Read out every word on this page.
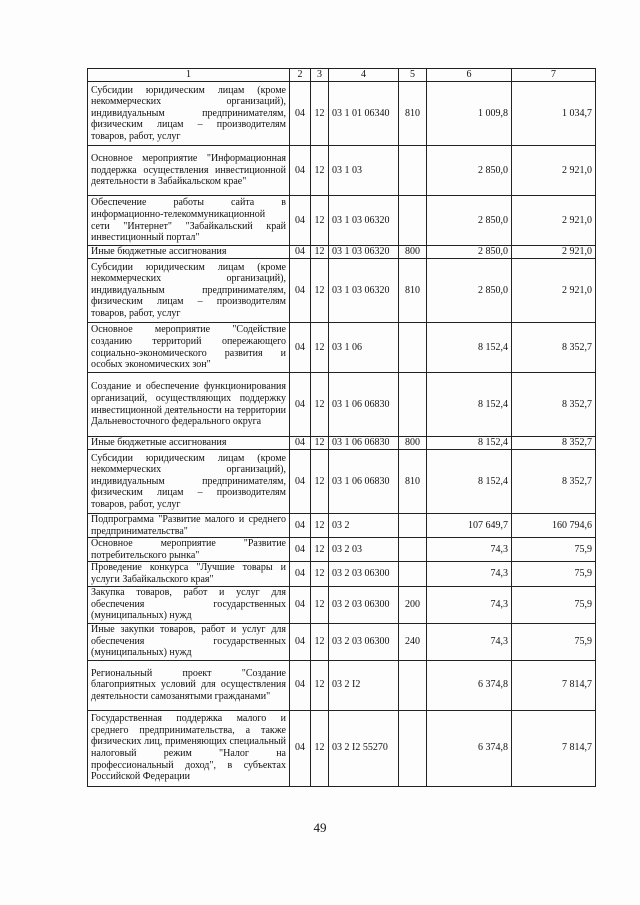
1	2	3	4	5	6	7
Субсидии юридическим лицам (кроме некоммерческих организаций), индивидуальным предпринимателям, физическим лицам – производителям товаров, работ, услуг	04	12	03 1 01 06340	810	1 009,8	1 034,7
Основное мероприятие "Информационная поддержка осуществления инвестиционной деятельности в Забайкальском крае"	04	12	03 1 03		2 850,0	2 921,0
Обеспечение работы сайта в информационно-телекоммуникационной сети "Интернет" "Забайкальский край инвестиционный портал"	04	12	03 1 03 06320		2 850,0	2 921,0
Иные бюджетные ассигнования	04	12	03 1 03 06320	800	2 850,0	2 921,0
Субсидии юридическим лицам (кроме некоммерческих организаций), индивидуальным предпринимателям, физическим лицам – производителям товаров, работ, услуг	04	12	03 1 03 06320	810	2 850,0	2 921,0
Основное мероприятие "Содействие созданию территорий опережающего социально-экономического развития и особых экономических зон"	04	12	03 1 06		8 152,4	8 352,7
Создание и обеспечение функционирования организаций, осуществляющих поддержку инвестиционной деятельности на территории Дальневосточного федерального округа	04	12	03 1 06 06830		8 152,4	8 352,7
Иные бюджетные ассигнования	04	12	03 1 06 06830	800	8 152,4	8 352,7
Субсидии юридическим лицам (кроме некоммерческих организаций), индивидуальным предпринимателям, физическим лицам – производителям товаров, работ, услуг	04	12	03 1 06 06830	810	8 152,4	8 352,7
Подпрограмма "Развитие малого и среднего предпринимательства"	04	12	03 2		107 649,7	160 794,6
Основное мероприятие "Развитие потребительского рынка"	04	12	03 2 03		74,3	75,9
Проведение конкурса "Лучшие товары и услуги Забайкальского края"	04	12	03 2 03 06300		74,3	75,9
Закупка товаров, работ и услуг для обеспечения государственных (муниципальных) нужд	04	12	03 2 03 06300	200	74,3	75,9
Иные закупки товаров, работ и услуг для обеспечения государственных (муниципальных) нужд	04	12	03 2 03 06300	240	74,3	75,9
Региональный проект "Создание благоприятных условий для осуществления деятельности самозанятыми гражданами"	04	12	03 2 I2		6 374,8	7 814,7
Государственная поддержка малого и среднего предпринимательства, а также физических лиц, применяющих специальный налоговый режим "Налог на профессиональный доход", в субъектах Российской Федерации	04	12	03 2 I2 55270		6 374,8	7 814,7
49
